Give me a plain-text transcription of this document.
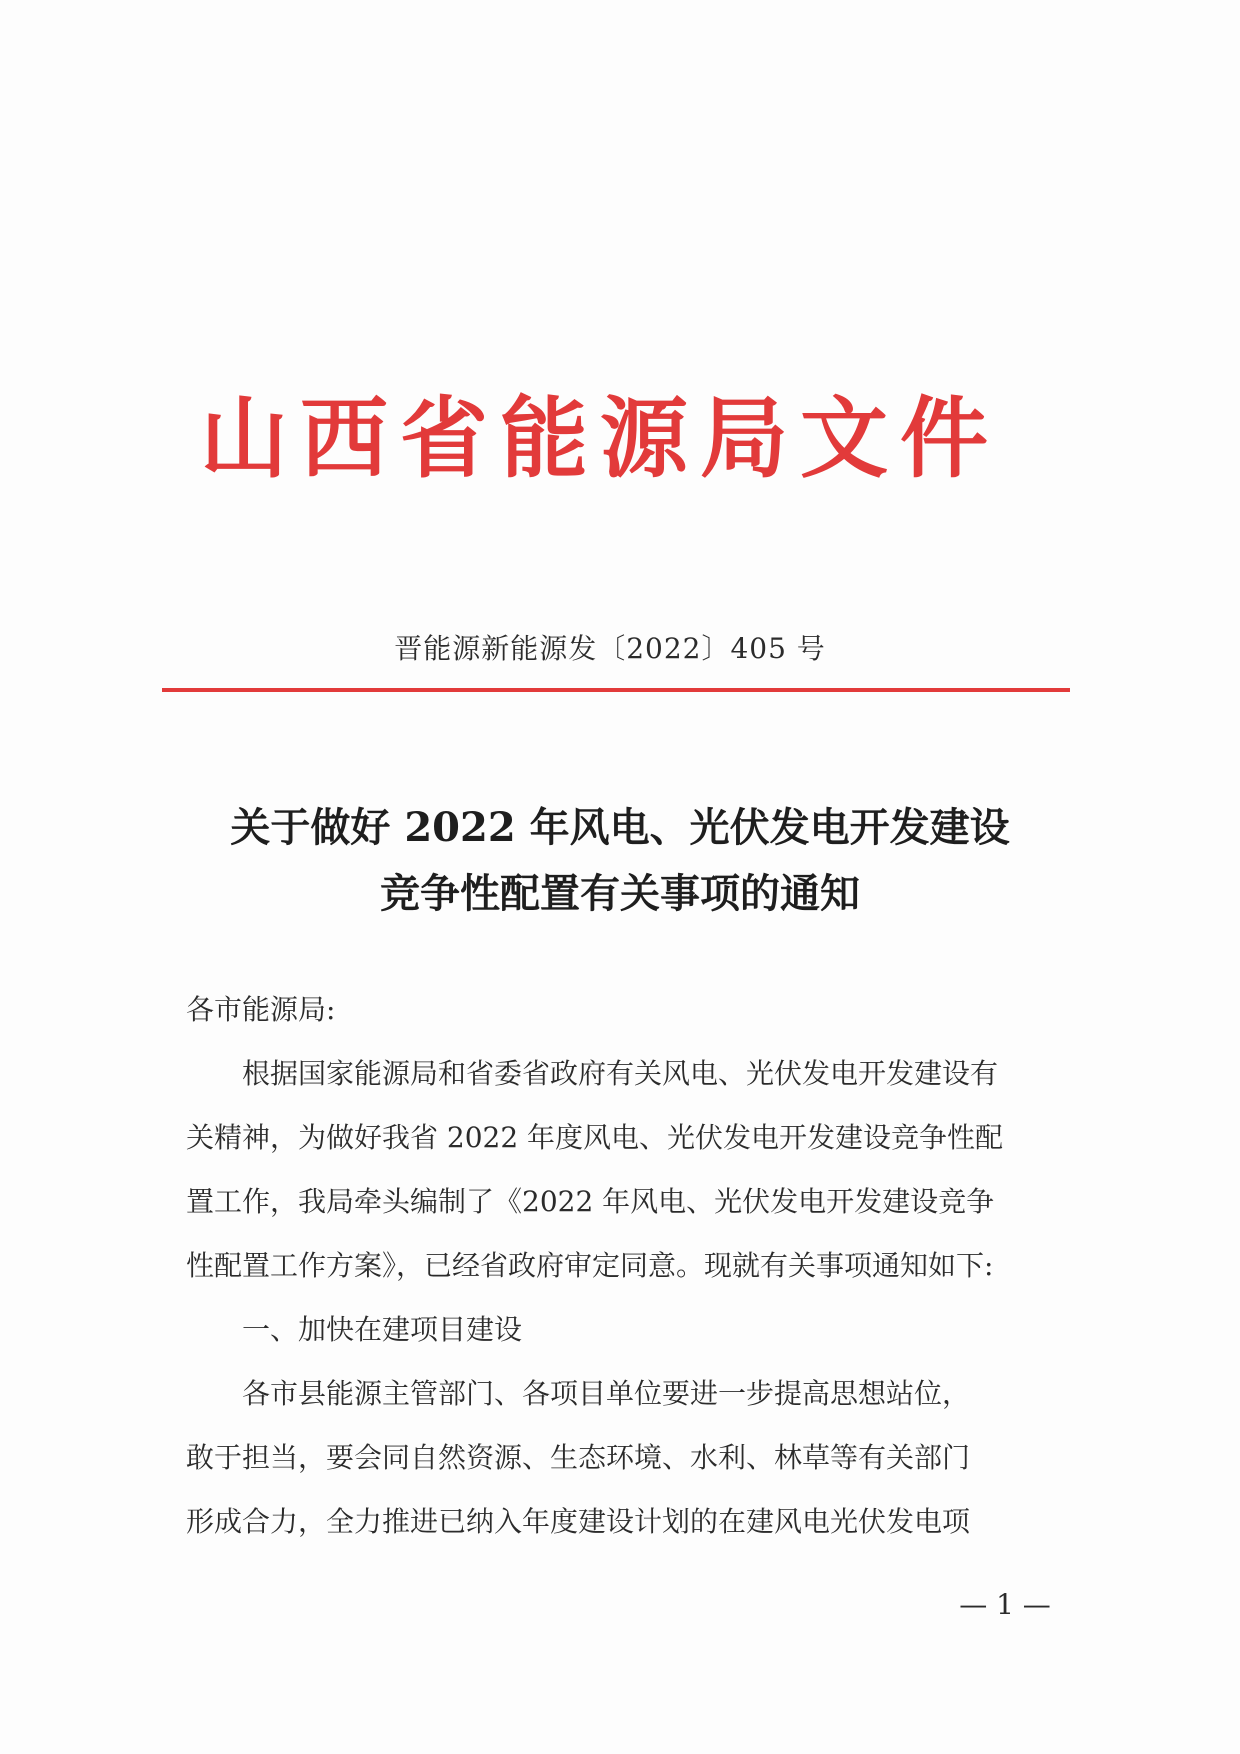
山西省能源局文件
晋能源新能源发〔2022〕405 号
关于做好 2022 年风电、光伏发电开发建设
竞争性配置有关事项的通知
各市能源局:
根据国家能源局和省委省政府有关风电、光伏发电开发建设有
关精神，为做好我省 2022 年度风电、光伏发电开发建设竞争性配
置工作，我局牵头编制了《2022 年风电、光伏发电开发建设竞争
性配置工作方案》，已经省政府审定同意。现就有关事项通知如下:
一、加快在建项目建设
各市县能源主管部门、各项目单位要进一步提高思想站位，
敢于担当，要会同自然资源、生态环境、水利、林草等有关部门
形成合力，全力推进已纳入年度建设计划的在建风电光伏发电项
— 1 —
